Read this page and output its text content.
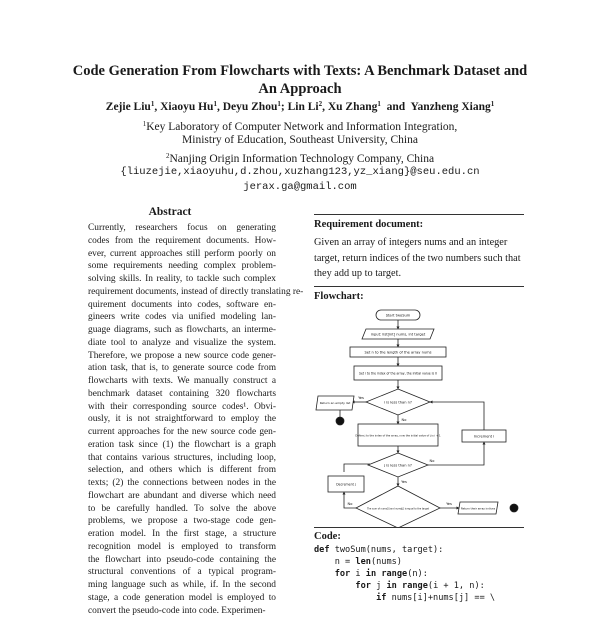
Code Generation From Flowcharts with Texts: A Benchmark Dataset and
An Approach
Zejie Liu$^1$, Xiaoyu Hu$^1$, Deyu Zhou$^1$; Lin Li$^2$, Xu Zhang$^1$  and  Yanzheng Xiang$^1$
$^1$Key Laboratory of Computer Network and Information Integration,
Ministry of Education, Southeast University, China
$^2$Nanjing Origin Information Technology Company, China
{liuzejie,xiaoyuhu,d.zhou,xuzhang123,yz_xiang}@seu.edu.cn
jerax.ga@gmail.com
Abstract
Currently, researchers focus on generating
codes from the requirement documents. How-
ever, current approaches still perform poorly on
some requirements needing complex problem-
solving skills. In reality, to tackle such complex
requirement documents, instead of directly translating re-
quirement documents into codes, software en-
gineers write codes via unified modeling lan-
guage diagrams, such as flowcharts, an interme-
diate tool to analyze and visualize the system.
Therefore, we propose a new source code gener-
ation task, that is, to generate source code from
flowcharts with texts. We manually construct a
benchmark dataset containing 320 flowcharts
with their corresponding source codes¹. Obvi-
ously, it is not straightforward to employ the
current approaches for the new source code gen-
eration task since (1) the flowchart is a graph
that contains various structures, including loop,
selection, and others which is different from
texts; (2) the connections between nodes in the
flowchart are abundant and diverse which need
to be carefully handled. To solve the above
problems, we propose a two-stage code gen-
eration model. In the first stage, a structure
recognition model is employed to transform
the flowchart into pseudo-code containing the
structural conventions of a typical program-
ming language such as while, if. In the second
stage, a code generation model is employed to
convert the pseudo-code into code. Experimen-
Requirement document:
Given an array of integers nums and an integer target, return indices of the two numbers such that they add up to target.
Flowchart:
Start twoSum
input: list[int] nums, int target
Set n to the length of the array nums
Set i to the index of the array, the initial value is 0
i is less than n?
Return an empty list
Define j to the index of the array, now the initial value of j is i + 1	Increment i
j is less than n?
Decrement j
The sum of nums[i] and nums[j] is equal to the target	Return their array indices
Yes
No
No
Yes
No	Yes
Code:
def twoSum(nums, target):
n = len(nums)
for i in range(n):
for j in range(i + 1, n):
if nums[i]+nums[j] == \
